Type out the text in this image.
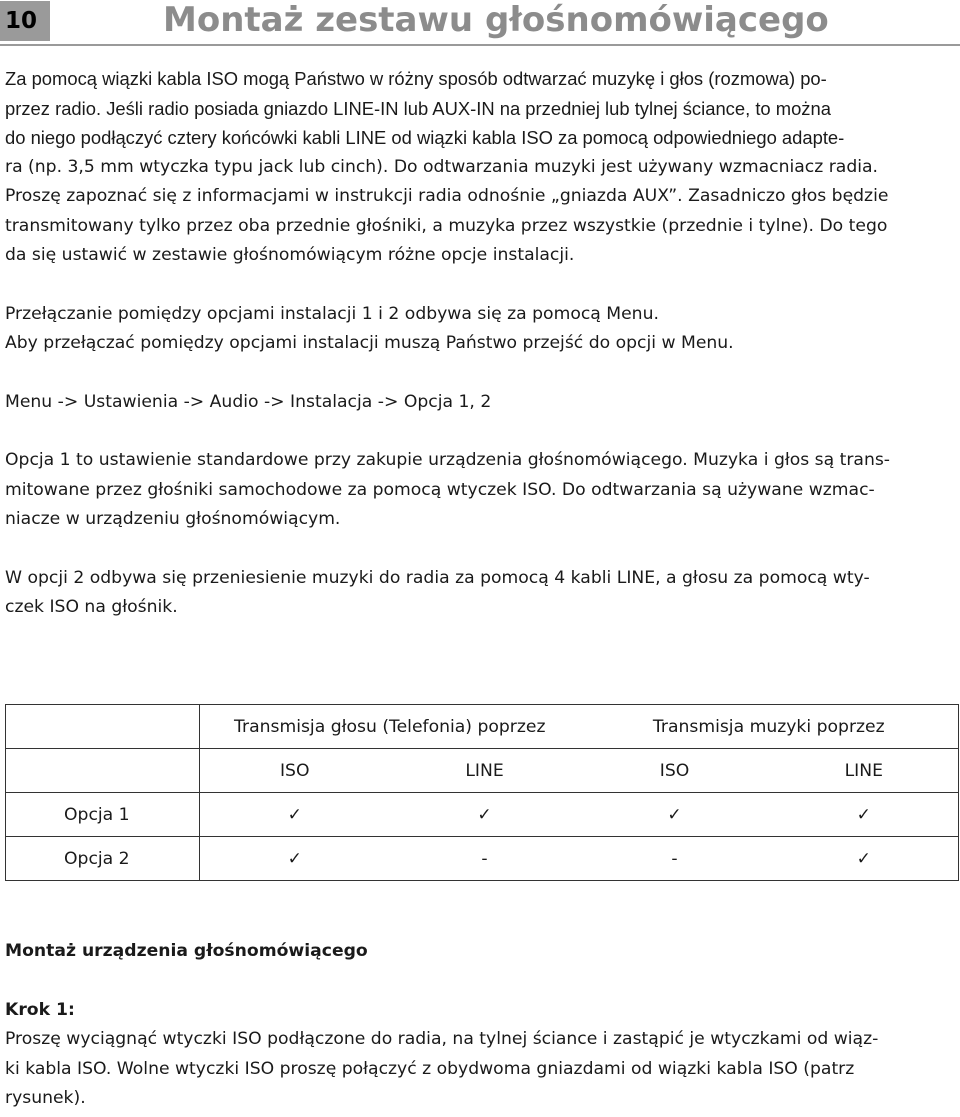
10	Montaż zestawu głośnomówiącego

Za pomocą wiązki kabla ISO mogą Państwo w różny sposób odtwarzać muzykę i głos (rozmowa) po-

przez radio. Jeśli radio posiada gniazdo LINE-IN lub AUX-IN na przedniej lub tylnej ściance, to można

do niego podłączyć cztery końcówki kabli LINE od wiązki kabla ISO za pomocą odpowiedniego adapte-

ra (np. 3,5 mm wtyczka typu jack lub cinch). Do odtwarzania muzyki jest używany wzmacniacz radia.

Proszę zapoznać się z informacjami w instrukcji radia odnośnie „gniazda AUX”. Zasadniczo głos będzie

transmitowany tylko przez oba przednie głośniki, a muzyka przez wszystkie (przednie i tylne). Do tego

da się ustawić w zestawie głośnomówiącym różne opcje instalacji.

Przełączanie pomiędzy opcjami instalacji 1 i 2 odbywa się za pomocą Menu.

Aby przełączać pomiędzy opcjami instalacji muszą Państwo przejść do opcji w Menu.

Menu -> Ustawienia -> Audio -> Instalacja -> Opcja 1, 2

Opcja 1 to ustawienie standardowe przy zakupie urządzenia głośnomówiącego. Muzyka i głos są trans-

mitowane przez głośniki samochodowe za pomocą wtyczek ISO. Do odtwarzania są używane wzmac-

niacze w urządzeniu głośnomówiącym.

W opcji 2 odbywa się przeniesienie muzyki do radia za pomocą 4 kabli LINE, a głosu za pomocą wty-

czek ISO na głośnik.

	Transmisja głosu (Telefonia) poprzez		Transmisja muzyki poprzez	
	ISO	LINE	ISO	LINE
Opcja 1	✓	✓	✓	✓
Opcja 2	✓	-	-	✓
Montaż urządzenia głośnomówiącego
Krok 1:

Proszę wyciągnąć wtyczki ISO podłączone do radia, na tylnej ściance i zastąpić je wtyczkami od wiąz-

ki kabla ISO. Wolne wtyczki ISO proszę połączyć z obydwoma gniazdami od wiązki kabla ISO (patrz

rysunek).
